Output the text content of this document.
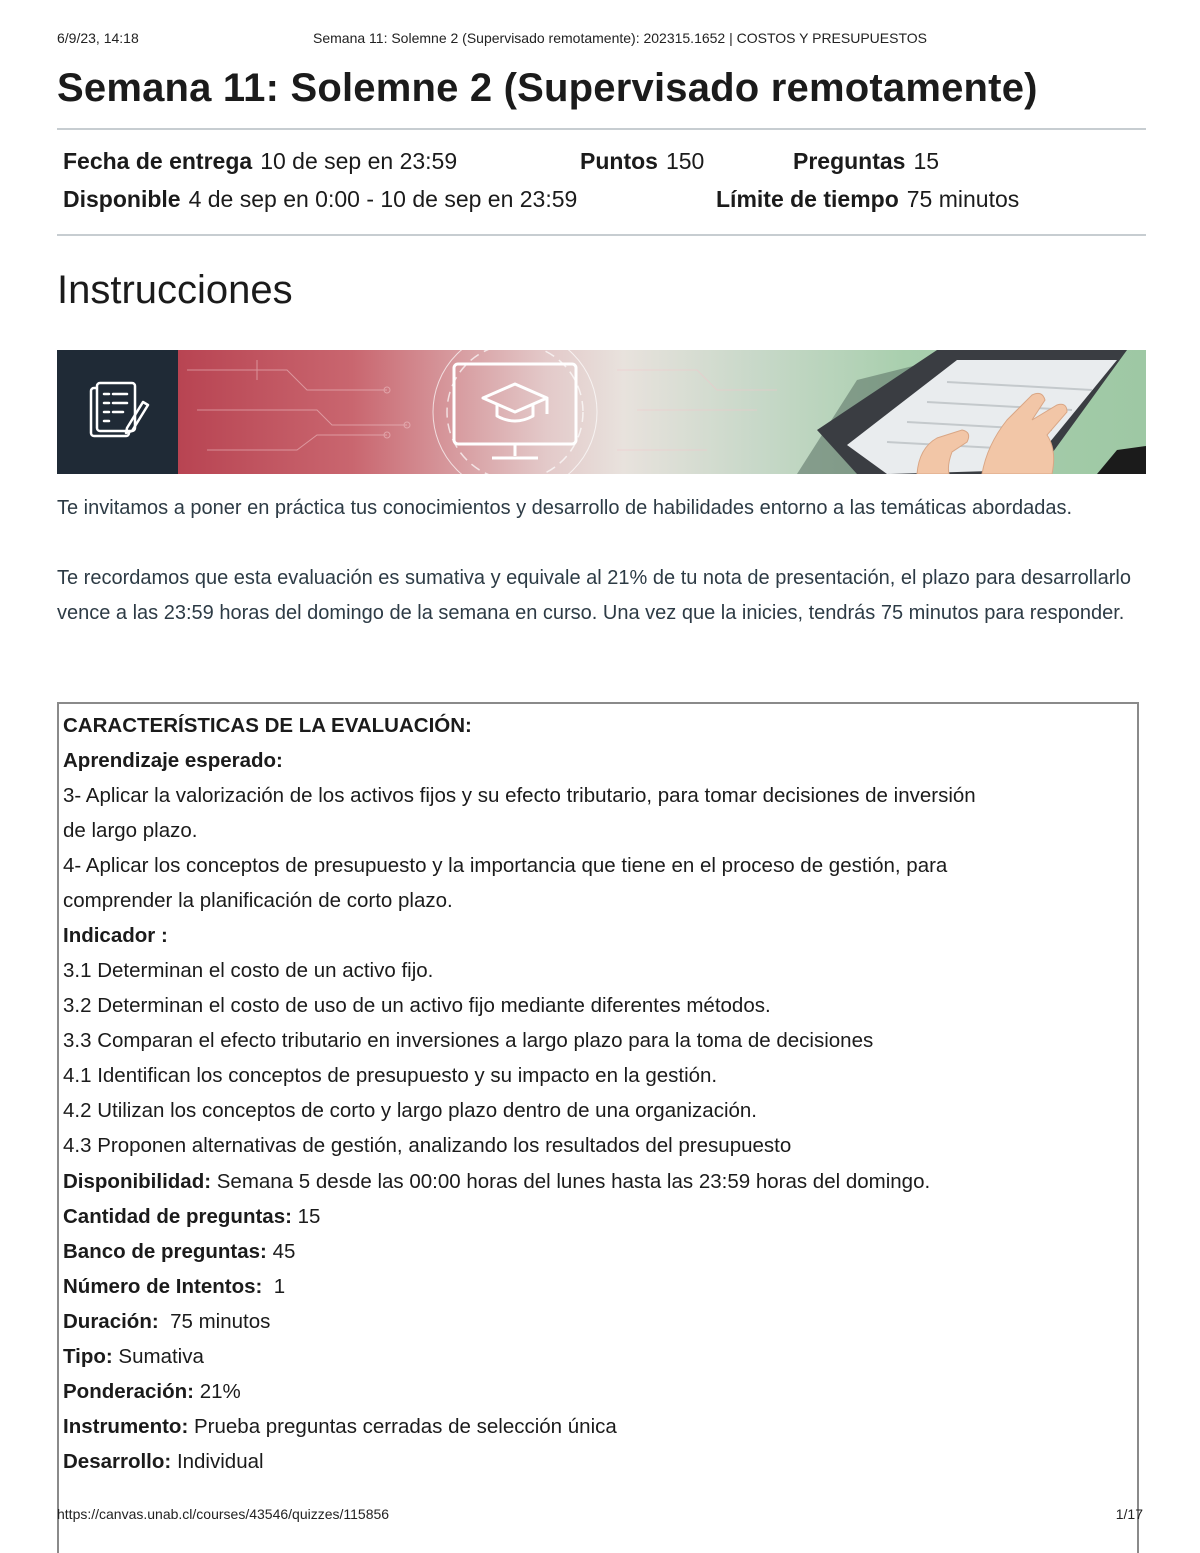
6/9/23, 14:18	Semana 11: Solemne 2 (Supervisado remotamente): 202315.1652 | COSTOS Y PRESUPUESTOS
Semana 11: Solemne 2 (Supervisado remotamente)
Fecha de entrega 10 de sep en 23:59	Puntos 150	Preguntas 15
Disponible 4 de sep en 0:00 - 10 de sep en 23:59	Límite de tiempo 75 minutos
Instrucciones

Te invitamos a poner en práctica tus conocimientos y desarrollo de habilidades entorno a las temáticas abordadas.

Te recordamos que esta evaluación es sumativa y equivale al 21% de tu nota de presentación, el plazo para desarrollarlo vence a las 23:59 horas del domingo de la semana en curso. Una vez que la inicies, tendrás 75 minutos para responder.

CARACTERÍSTICAS DE LA EVALUACIÓN:
Aprendizaje esperado:
3- Aplicar la valorización de los activos fijos y su efecto tributario, para tomar decisiones de inversión
de largo plazo.
4- Aplicar los conceptos de presupuesto y la importancia que tiene en el proceso de gestión, para
comprender la planificación de corto plazo.
Indicador :
3.1 Determinan el costo de un activo fijo.
3.2 Determinan el costo de uso de un activo fijo mediante diferentes métodos.
3.3 Comparan el efecto tributario en inversiones a largo plazo para la toma de decisiones
4.1 Identifican los conceptos de presupuesto y su impacto en la gestión.
4.2 Utilizan los conceptos de corto y largo plazo dentro de una organización.
4.3 Proponen alternativas de gestión, analizando los resultados del presupuesto
Disponibilidad: Semana 5 desde las 00:00 horas del lunes hasta las 23:59 horas del domingo.
Cantidad de preguntas: 15
Banco de preguntas: 45
Número de Intentos: 1
Duración: 75 minutos
Tipo: Sumativa
Ponderación: 21%
Instrumento: Prueba preguntas cerradas de selección única
Desarrollo: Individual
https://canvas.unab.cl/courses/43546/quizzes/115856	1/17
